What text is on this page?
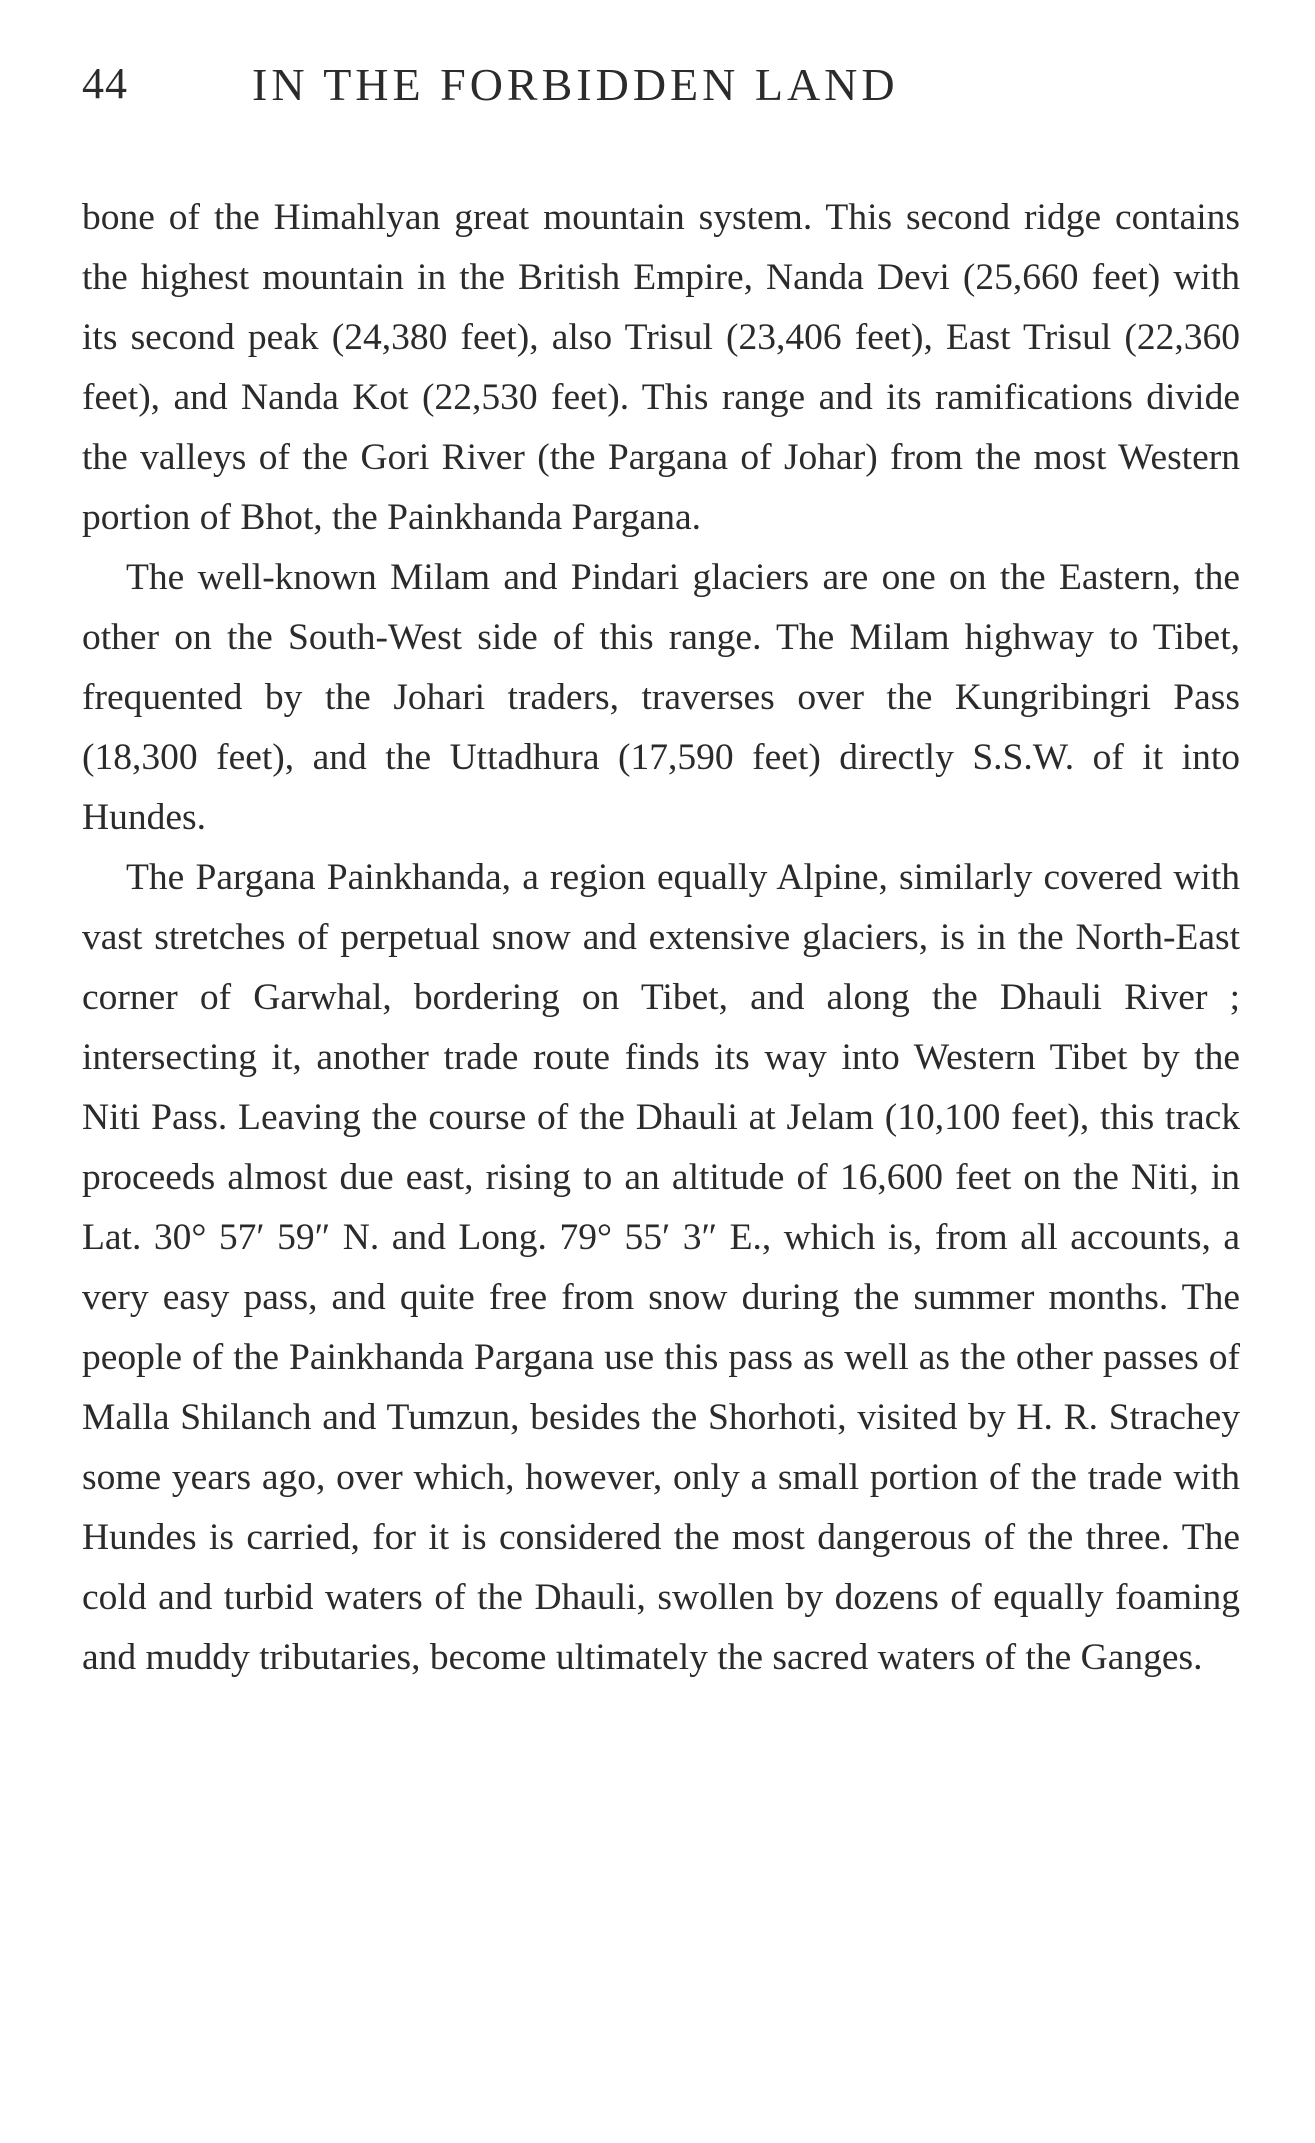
44	IN THE FORBIDDEN LAND

bone of the Himahlyan great mountain system. This second ridge contains the highest mountain in the British Empire, Nanda Devi (25,660 feet) with its second peak (24,380 feet), also Trisul (23,406 feet), East Trisul (22,360 feet), and Nanda Kot (22,530 feet). This range and its ramifications divide the valleys of the Gori River (the Pargana of Johar) from the most Western portion of Bhot, the Painkhanda Pargana.

The well-known Milam and Pindari glaciers are one on the Eastern, the other on the South-West side of this range. The Milam highway to Tibet, frequented by the Johari traders, traverses over the Kungribingri Pass (18,300 feet), and the Uttadhura (17,590 feet) directly S.S.W. of it into Hundes.

The Pargana Painkhanda, a region equally Alpine, similarly covered with vast stretches of perpetual snow and extensive glaciers, is in the North-East corner of Garwhal, bordering on Tibet, and along the Dhauli River ; intersecting it, another trade route finds its way into Western Tibet by the Niti Pass. Leaving the course of the Dhauli at Jelam (10,100 feet), this track proceeds almost due east, rising to an altitude of 16,600 feet on the Niti, in Lat. 30° 57′ 59″ N. and Long. 79° 55′ 3″ E., which is, from all accounts, a very easy pass, and quite free from snow during the summer months. The people of the Painkhanda Pargana use this pass as well as the other passes of Malla Shilanch and Tumzun, besides the Shorhoti, visited by H. R. Strachey some years ago, over which, however, only a small portion of the trade with Hundes is carried, for it is considered the most dangerous of the three. The cold and turbid waters of the Dhauli, swollen by dozens of equally foaming and muddy tributaries, become ultimately the sacred waters of the Ganges.
